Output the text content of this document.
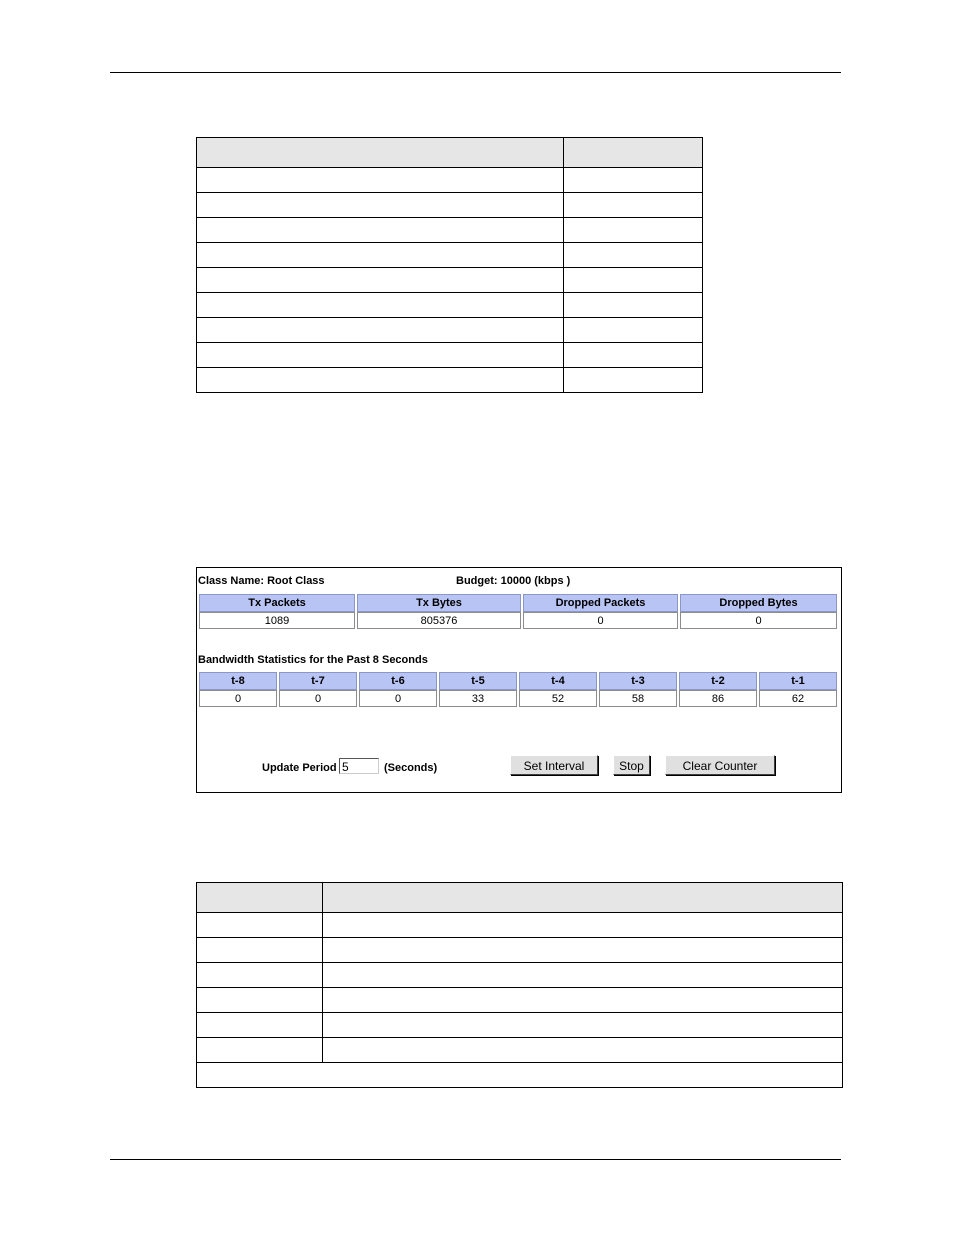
Class Name: Root Class	Budget: 10000 (kbps )
Tx Packets	Tx Bytes	Dropped Packets	Dropped Bytes
1089	805376	0	0
Bandwidth Statistics for the Past 8 Seconds
t-8	t-7	t-6	t-5	t-4	t-3	t-2	t-1
0	0	0	33	52	58	86	62
Update Period 5	(Seconds)	Set Interval	Stop	Clear Counter
